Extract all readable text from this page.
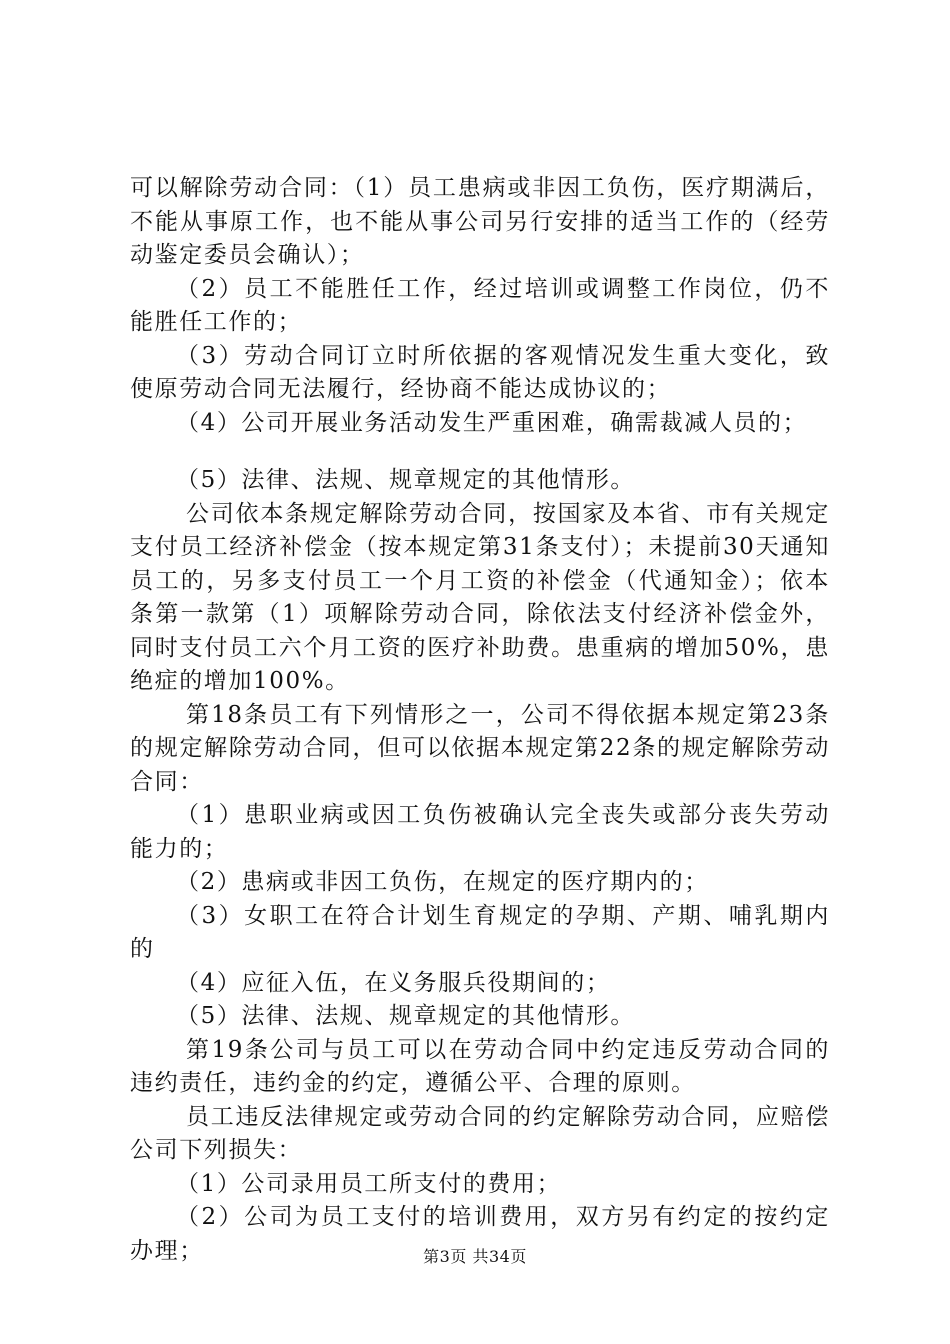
可以解除劳动合同：（1）员工患病或非因工负伤，医疗期满后，不能从事原工作，也不能从事公司另行安排的适当工作的（经劳动鉴定委员会确认）；

（2）员工不能胜任工作，经过培训或调整工作岗位，仍不能胜任工作的；

（3）劳动合同订立时所依据的客观情况发生重大变化，致使原劳动合同无法履行，经协商不能达成协议的；

（4）公司开展业务活动发生严重困难，确需裁减人员的；

（5）法律、法规、规章规定的其他情形。

公司依本条规定解除劳动合同，按国家及本省、市有关规定支付员工经济补偿金（按本规定第31条支付）；未提前30天通知员工的，另多支付员工一个月工资的补偿金（代通知金）；依本条第一款第（1）项解除劳动合同，除依法支付经济补偿金外，同时支付员工六个月工资的医疗补助费。患重病的增加50%，患绝症的增加100%。

第18条员工有下列情形之一，公司不得依据本规定第23条的规定解除劳动合同，但可以依据本规定第22条的规定解除劳动合同：

（1）患职业病或因工负伤被确认完全丧失或部分丧失劳动能力的；

（2）患病或非因工负伤，在规定的医疗期内的；

（3）女职工在符合计划生育规定的孕期、产期、哺乳期内的

（4）应征入伍，在义务服兵役期间的；

（5）法律、法规、规章规定的其他情形。

第19条公司与员工可以在劳动合同中约定违反劳动合同的违约责任，违约金的约定，遵循公平、合理的原则。

员工违反法律规定或劳动合同的约定解除劳动合同，应赔偿公司下列损失：

（1）公司录用员工所支付的费用；

（2）公司为员工支付的培训费用，双方另有约定的按约定办理；	第3页 共34页
